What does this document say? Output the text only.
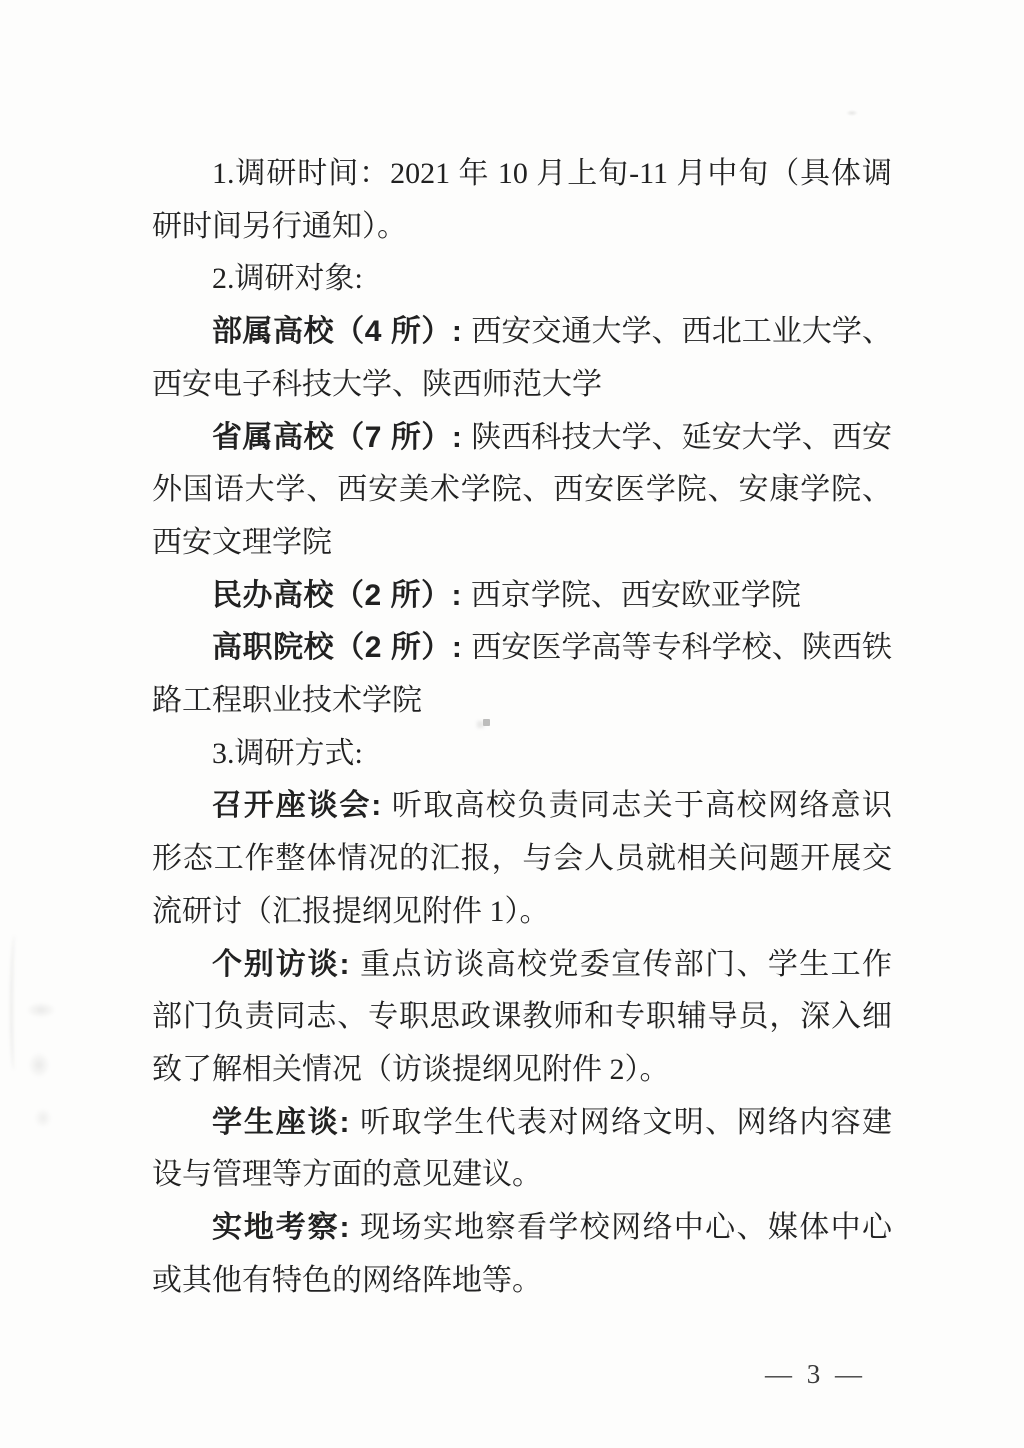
1.调研时间：2021 年 10 月上旬-11 月中旬（具体调研时间另行通知）。

2.调研对象:

部属高校（4 所）: 西安交通大学、西北工业大学、西安电子科技大学、陕西师范大学

省属高校（7 所）: 陕西科技大学、延安大学、西安外国语大学、西安美术学院、西安医学院、安康学院、西安文理学院

民办高校（2 所）: 西京学院、西安欧亚学院

高职院校（2 所）: 西安医学高等专科学校、陕西铁路工程职业技术学院

3.调研方式:

召开座谈会: 听取高校负责同志关于高校网络意识形态工作整体情况的汇报，与会人员就相关问题开展交流研讨（汇报提纲见附件 1）。

个别访谈: 重点访谈高校党委宣传部门、学生工作部门负责同志、专职思政课教师和专职辅导员，深入细致了解相关情况（访谈提纲见附件 2）。

学生座谈: 听取学生代表对网络文明、网络内容建设与管理等方面的意见建议。

实地考察: 现场实地察看学校网络中心、媒体中心或其他有特色的网络阵地等。

— 3 —
